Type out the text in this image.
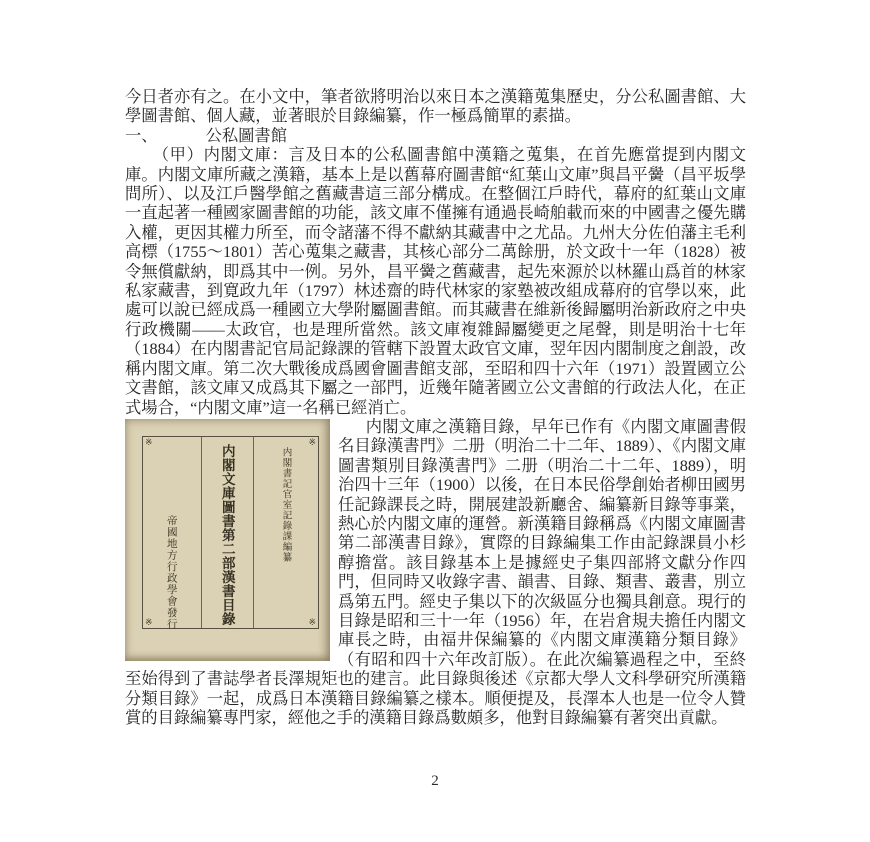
今日者亦有之。在小文中，筆者欲將明治以來日本之漢籍蒐集歷史，分公私圖書館、大學圖書館、個人藏，並著眼於目錄編纂，作一極爲簡單的素描。

一、	公私圖書館

（甲）内閣文庫：言及日本的公私圖書館中漢籍之蒐集，在首先應當提到内閣文庫。内閣文庫所藏之漢籍，基本上是以舊幕府圖書館“紅葉山文庫”與昌平黌（昌平坂學問所）、以及江戶醫學館之舊藏書這三部分構成。在整個江戶時代，幕府的紅葉山文庫一直起著一種國家圖書館的功能，該文庫不僅擁有通過長崎舶載而來的中國書之優先購入權，更因其權力所至，而令諸藩不得不獻納其藏書中之尤品。九州大分佐伯藩主毛利高標（1755～1801）苦心蒐集之藏書，其核心部分二萬餘册，於文政十一年（1828）被令無償獻納，即爲其中一例。另外，昌平黌之舊藏書，起先來源於以林羅山爲首的林家私家藏書，到寛政九年（1797）林述齋的時代林家的家塾被改組成幕府的官學以來，此處可以說已經成爲一種國立大學附屬圖書館。而其藏書在維新後歸屬明治新政府之中央行政機關——太政官，也是理所當然。該文庫複雜歸屬變更之尾聲，則是明治十七年（1884）在内閣書記官局記錄課的管轄下設置太政官文庫，翌年因内閣制度之創設，改稱内閣文庫。第二次大戰後成爲國會圖書館支部，至昭和四十六年（1971）設置國立公文書館，該文庫又成爲其下屬之一部門，近幾年隨著國立公文書館的行政法人化，在正式場合，“内閣文庫”這一名稱已經消亡。

※	※
※	※
内閣書記官室記錄課編纂
内閣文庫圖書第二部漢書目錄
帝國地方行政學會發行

内閣文庫之漢籍目錄，早年已作有《内閣文庫圖書假名目錄漢書門》二册（明治二十二年、1889）、《内閣文庫圖書類別目錄漢書門》二册（明治二十二年、1889），明治四十三年（1900）以後，在日本民俗學創始者柳田國男任記錄課長之時，開展建設新廳舍、編纂新目錄等事業，熱心於内閣文庫的運營。新漢籍目錄稱爲《内閣文庫圖書第二部漢書目錄》，實際的目錄編集工作由記錄課員小杉醇擔當。該目錄基本上是據經史子集四部將文獻分作四門，但同時又收錄字書、韻書、目錄、類書、叢書，別立爲第五門。經史子集以下的次級區分也獨具創意。現行的目錄是昭和三十一年（1956）年，在岩倉規夫擔任内閣文庫長之時，由福井保編纂的《内閣文庫漢籍分類目錄》（有昭和四十六年改訂版）。在此次編纂過程之中，至終至始得到了書誌學者長澤規矩也的建言。此目錄與後述《京都大學人文科學研究所漢籍分類目錄》一起，成爲日本漢籍目錄編纂之樣本。順便提及，長澤本人也是一位令人贊賞的目錄編纂專門家，經他之手的漢籍目錄爲數頗多，他對目錄編纂有著突出貢獻。

2
